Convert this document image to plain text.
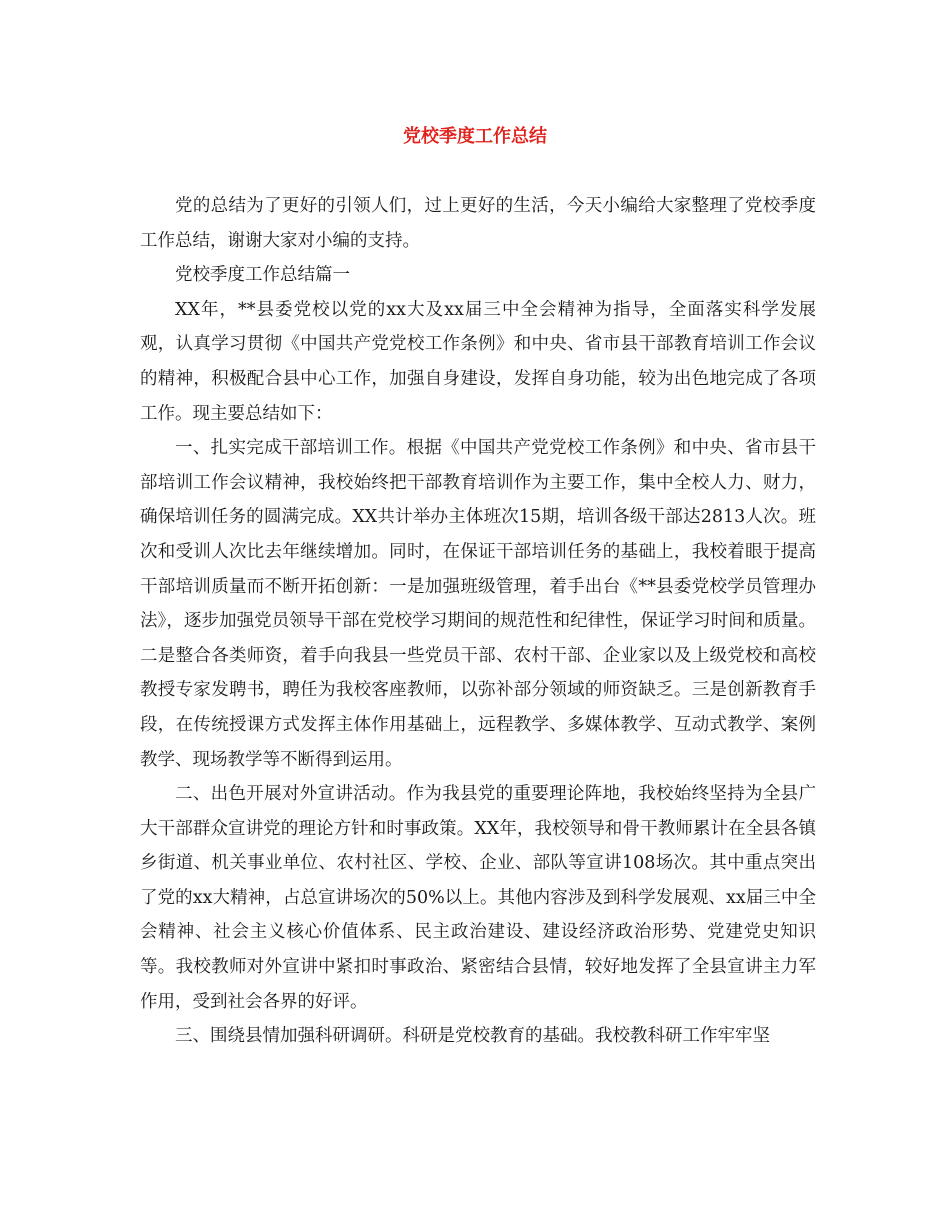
党校季度工作总结

党的总结为了更好的引领人们，过上更好的生活，今天小编给大家整理了党校季度工作总结，谢谢大家对小编的支持。

党校季度工作总结篇一

XX年，**县委党校以党的xx大及xx届三中全会精神为指导，全面落实科学发展观，认真学习贯彻《中国共产党党校工作条例》和中央、省市县干部教育培训工作会议的精神，积极配合县中心工作，加强自身建设，发挥自身功能，较为出色地完成了各项工作。现主要总结如下：

一、扎实完成干部培训工作。根据《中国共产党党校工作条例》和中央、省市县干部培训工作会议精神，我校始终把干部教育培训作为主要工作，集中全校人力、财力，确保培训任务的圆满完成。XX共计举办主体班次15期，培训各级干部达2813人次。班次和受训人次比去年继续增加。同时，在保证干部培训任务的基础上，我校着眼于提高干部培训质量而不断开拓创新：一是加强班级管理，着手出台《**县委党校学员管理办法》，逐步加强党员领导干部在党校学习期间的规范性和纪律性，保证学习时间和质量。二是整合各类师资，着手向我县一些党员干部、农村干部、企业家以及上级党校和高校教授专家发聘书，聘任为我校客座教师，以弥补部分领域的师资缺乏。三是创新教育手段，在传统授课方式发挥主体作用基础上，远程教学、多媒体教学、互动式教学、案例教学、现场教学等不断得到运用。

二、出色开展对外宣讲活动。作为我县党的重要理论阵地，我校始终坚持为全县广大干部群众宣讲党的理论方针和时事政策。XX年，我校领导和骨干教师累计在全县各镇乡街道、机关事业单位、农村社区、学校、企业、部队等宣讲108场次。其中重点突出了党的xx大精神，占总宣讲场次的50%以上。其他内容涉及到科学发展观、xx届三中全会精神、社会主义核心价值体系、民主政治建设、建设经济政治形势、党建党史知识等。我校教师对外宣讲中紧扣时事政治、紧密结合县情，较好地发挥了全县宣讲主力军作用，受到社会各界的好评。

三、围绕县情加强科研调研。科研是党校教育的基础。我校教科研工作牢牢坚
